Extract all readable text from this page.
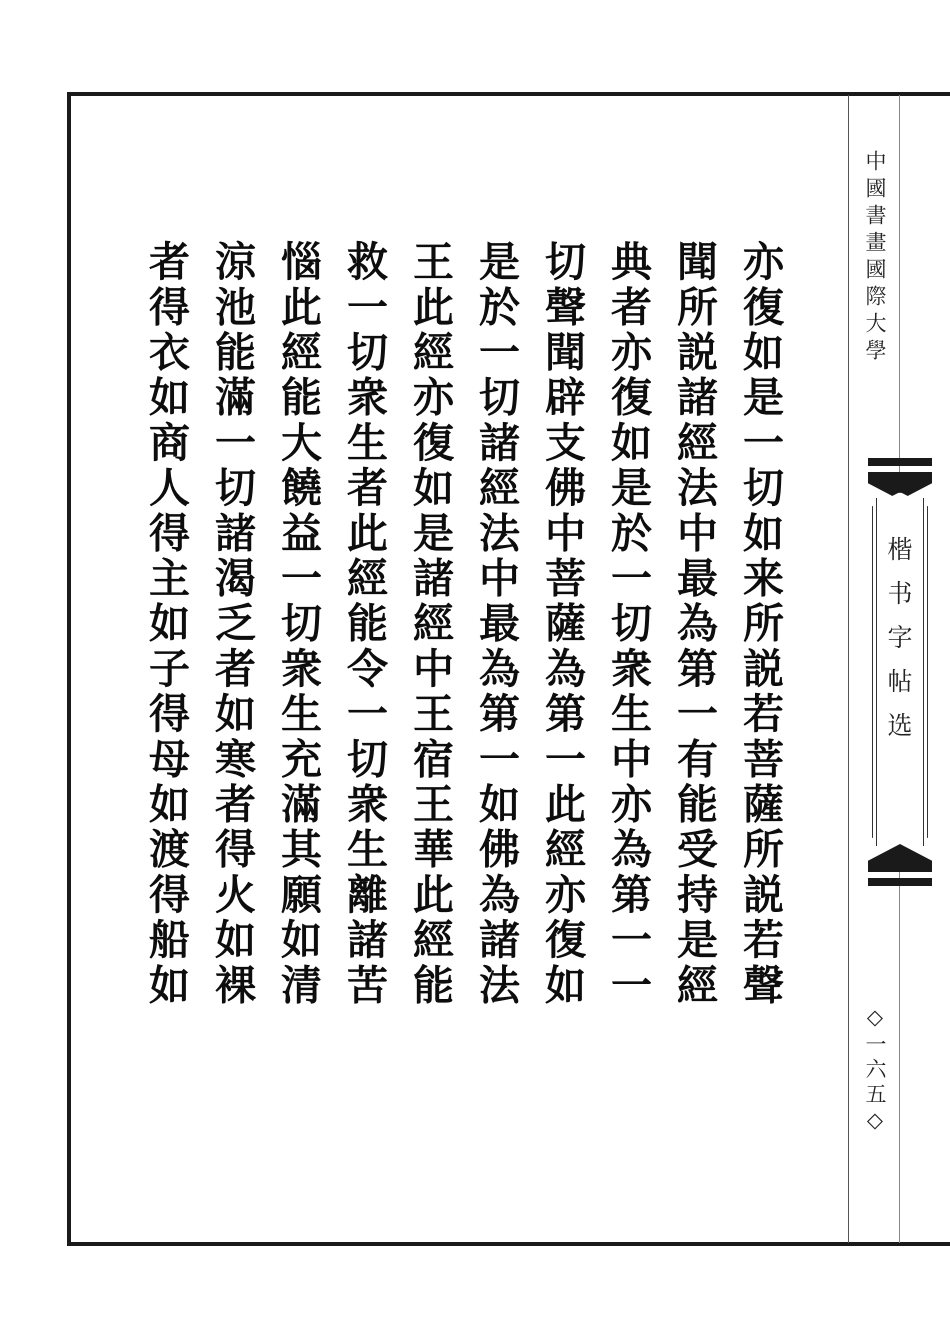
亦復如是一切如来所説若菩薩所説若聲
聞所説諸經法中最為第一有能受持是經
典者亦復如是於一切衆生中亦為第一一
切聲聞辟支佛中菩薩為第一此經亦復如
是於一切諸經法中最為第一如佛為諸法
王此經亦復如是諸經中王宿王華此經能
救一切衆生者此經能令一切衆生離諸苦
惱此經能大饒益一切衆生充滿其願如清
涼池能滿一切諸渴乏者如寒者得火如裸
者得衣如商人得主如子得母如渡得船如	中國書畫國際大學
楷书字帖选
◇一六五◇
